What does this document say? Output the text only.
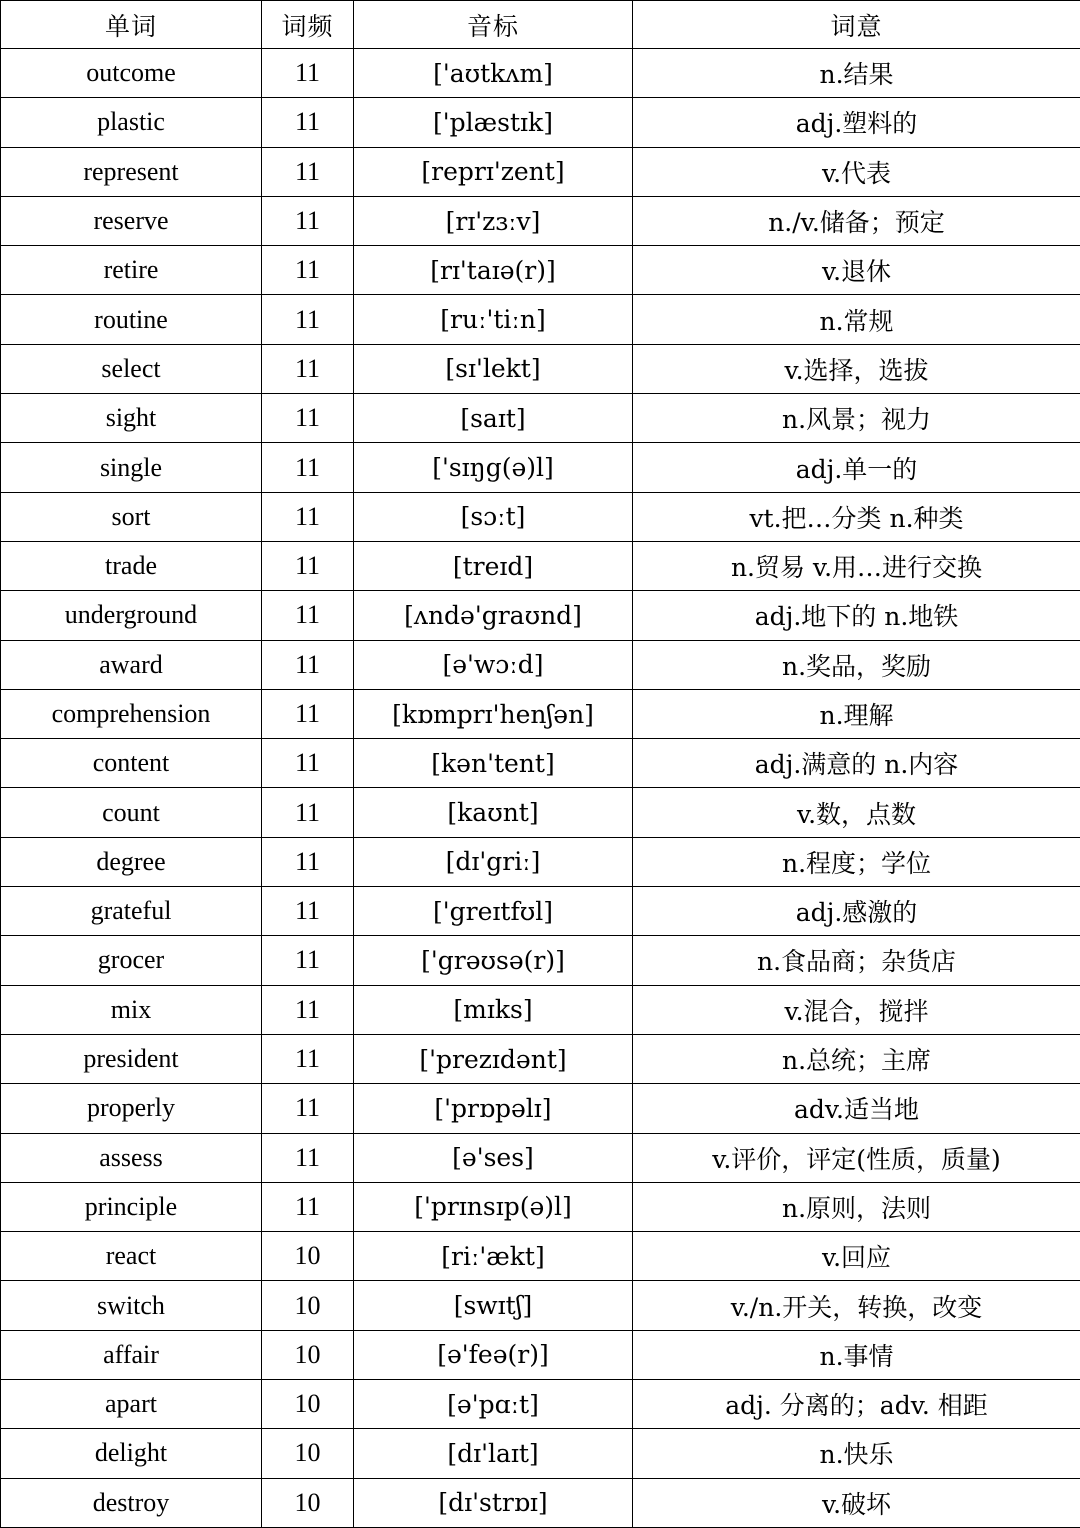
单词	词频	音标	词意
outcome	11	['aʊtkʌm]	n.结果
plastic	11	['plæstɪk]	adj.塑料的
represent	11	[reprɪ'zent]	v.代表
reserve	11	[rɪ'zɜːv]	n./v.储备；预定
retire	11	[rɪ'taɪə(r)]	v.退休
routine	11	[ruː'tiːn]	n.常规
select	11	[sɪ'lekt]	v.选择，选拔
sight	11	[saɪt]	n.风景；视力
single	11	['sɪŋg(ə)l]	adj.单一的
sort	11	[sɔːt]	vt.把…分类 n.种类
trade	11	[treɪd]	n.贸易 v.用…进行交换
underground	11	[ʌndə'graʊnd]	adj.地下的 n.地铁
award	11	[ə'wɔːd]	n.奖品，奖励
comprehension	11	[kɒmprɪ'henʃən]	n.理解
content	11	[kən'tent]	adj.满意的 n.内容
count	11	[kaʊnt]	v.数，点数
degree	11	[dɪ'griː]	n.程度；学位
grateful	11	['greɪtfʊl]	adj.感激的
grocer	11	['grəʊsə(r)]	n.食品商；杂货店
mix	11	[mɪks]	v.混合，搅拌
president	11	['prezɪdənt]	n.总统；主席
properly	11	['prɒpəlɪ]	adv.适当地
assess	11	[ə'ses]	v.评价，评定(性质，质量)
principle	11	['prɪnsɪp(ə)l]	n.原则，法则
react	10	[riː'ækt]	v.回应
switch	10	[swɪtʃ]	v./n.开关，转换，改变
affair	10	[ə'feə(r)]	n.事情
apart	10	[ə'pɑːt]	adj. 分离的；adv. 相距
delight	10	[dɪ'laɪt]	n.快乐
destroy	10	[dɪ'strɒɪ]	v.破坏
